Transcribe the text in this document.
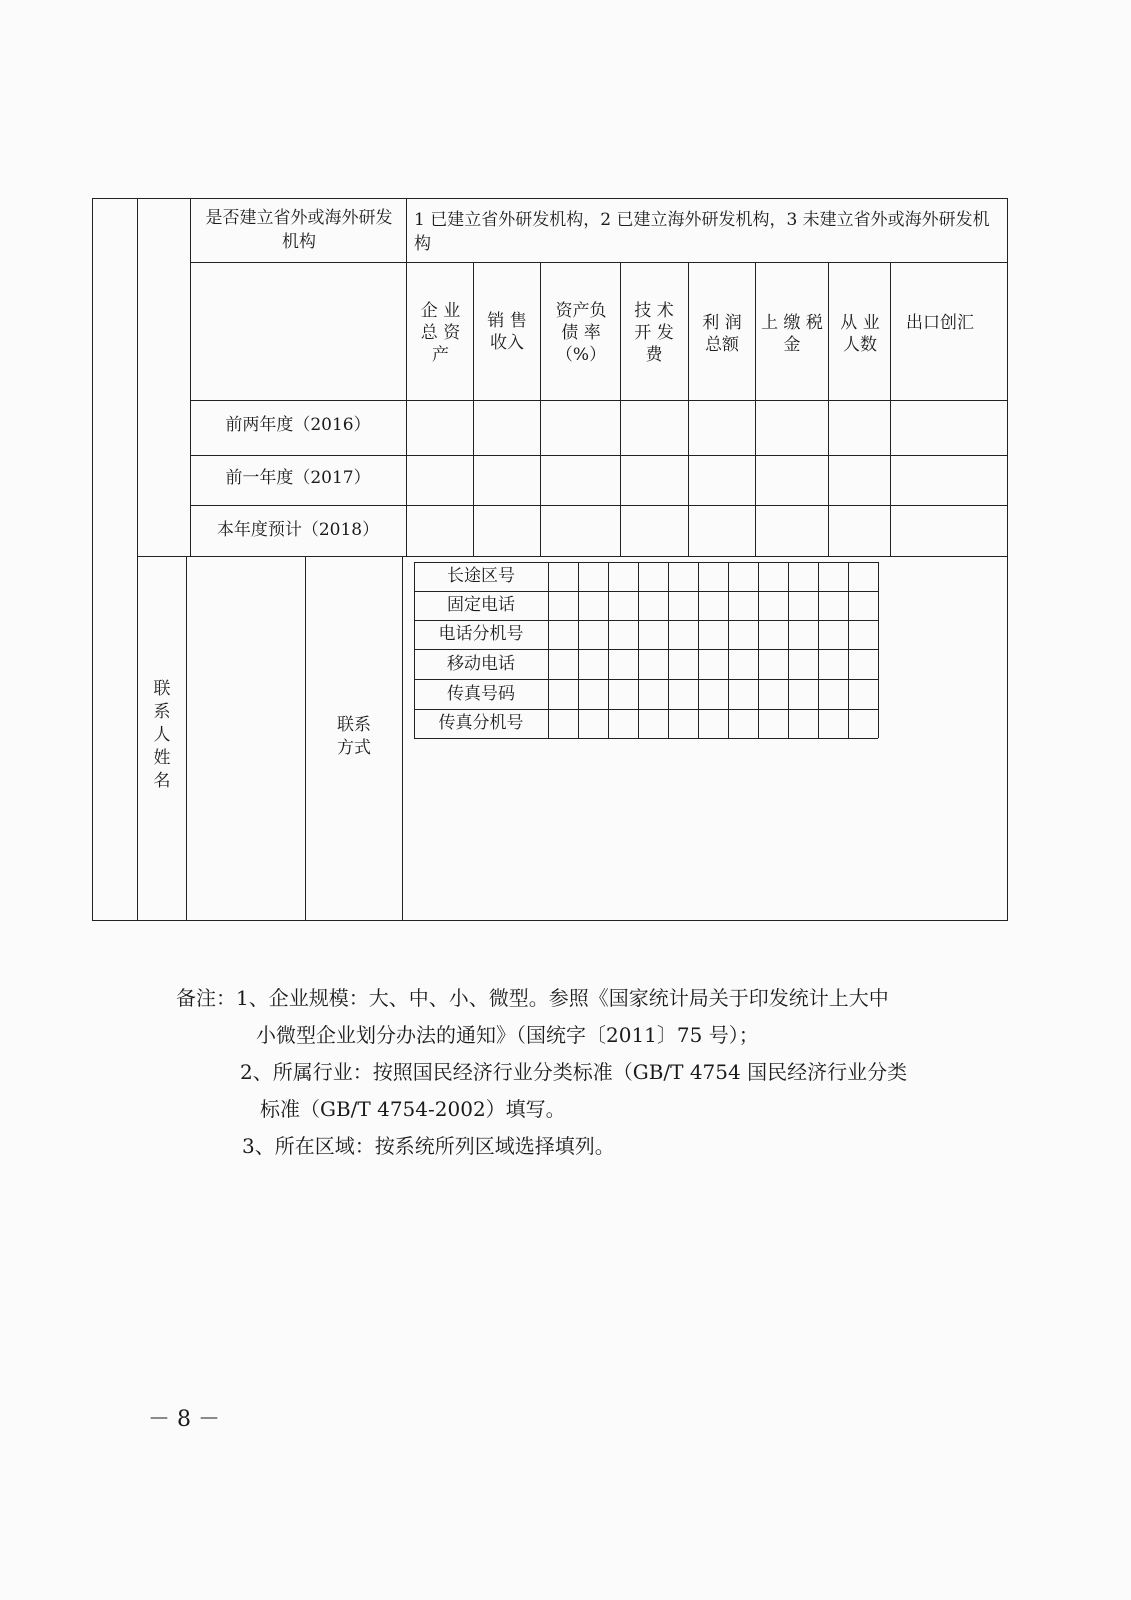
是否建立省外或海外研发机构
1 已建立省外研发机构，2 已建立海外研发机构，3 未建立省外或海外研发机构
企 业 总 资 产
销 售 收入
资产负 债 率 （%）
技 术 开 发 费
利 润 总额
上 缴 税金
从 业 人数
出口创汇
前两年度（2016）
前一年度（2017）
本年度预计（2018）
联系人姓名
联系方式
长途区号
固定电话
电话分机号
移动电话
传真号码
传真分机号
备注：1、企业规模：大、中、小、微型。参照《国家统计局关于印发统计上大中
小微型企业划分办法的通知》（国统字〔2011〕75 号）；
2、所属行业：按照国民经济行业分类标准（GB/T 4754 国民经济行业分类
标准（GB/T 4754-2002）填写。
3、所在区域：按系统所列区域选择填列。
－ 8 －
